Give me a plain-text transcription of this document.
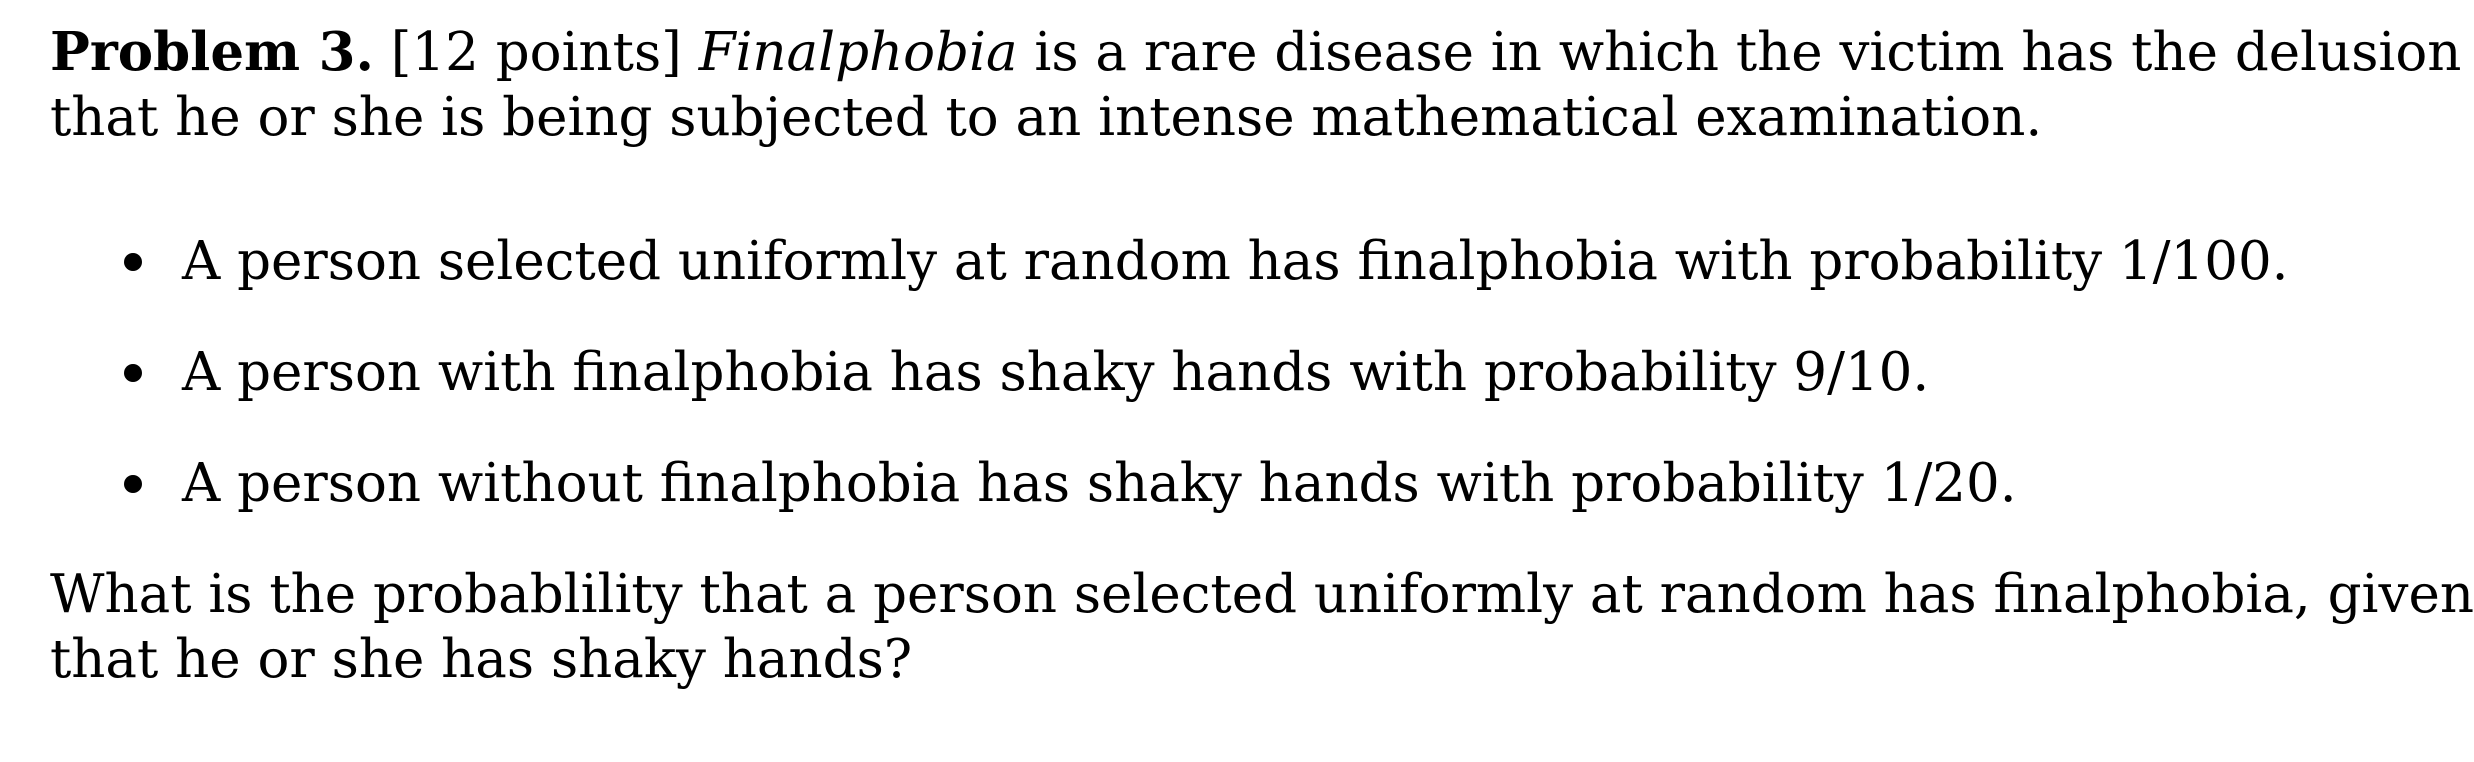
Problem 3. [12 points] Finalphobia is a rare disease in which the victim has the delusion
that he or she is being subjected to an intense mathematical examination.
A person selected uniformly at random has finalphobia with probability 1/100.
A person with finalphobia has shaky hands with probability 9/10.
A person without finalphobia has shaky hands with probability 1/20.
What is the probablility that a person selected uniformly at random has finalphobia, given
that he or she has shaky hands?
